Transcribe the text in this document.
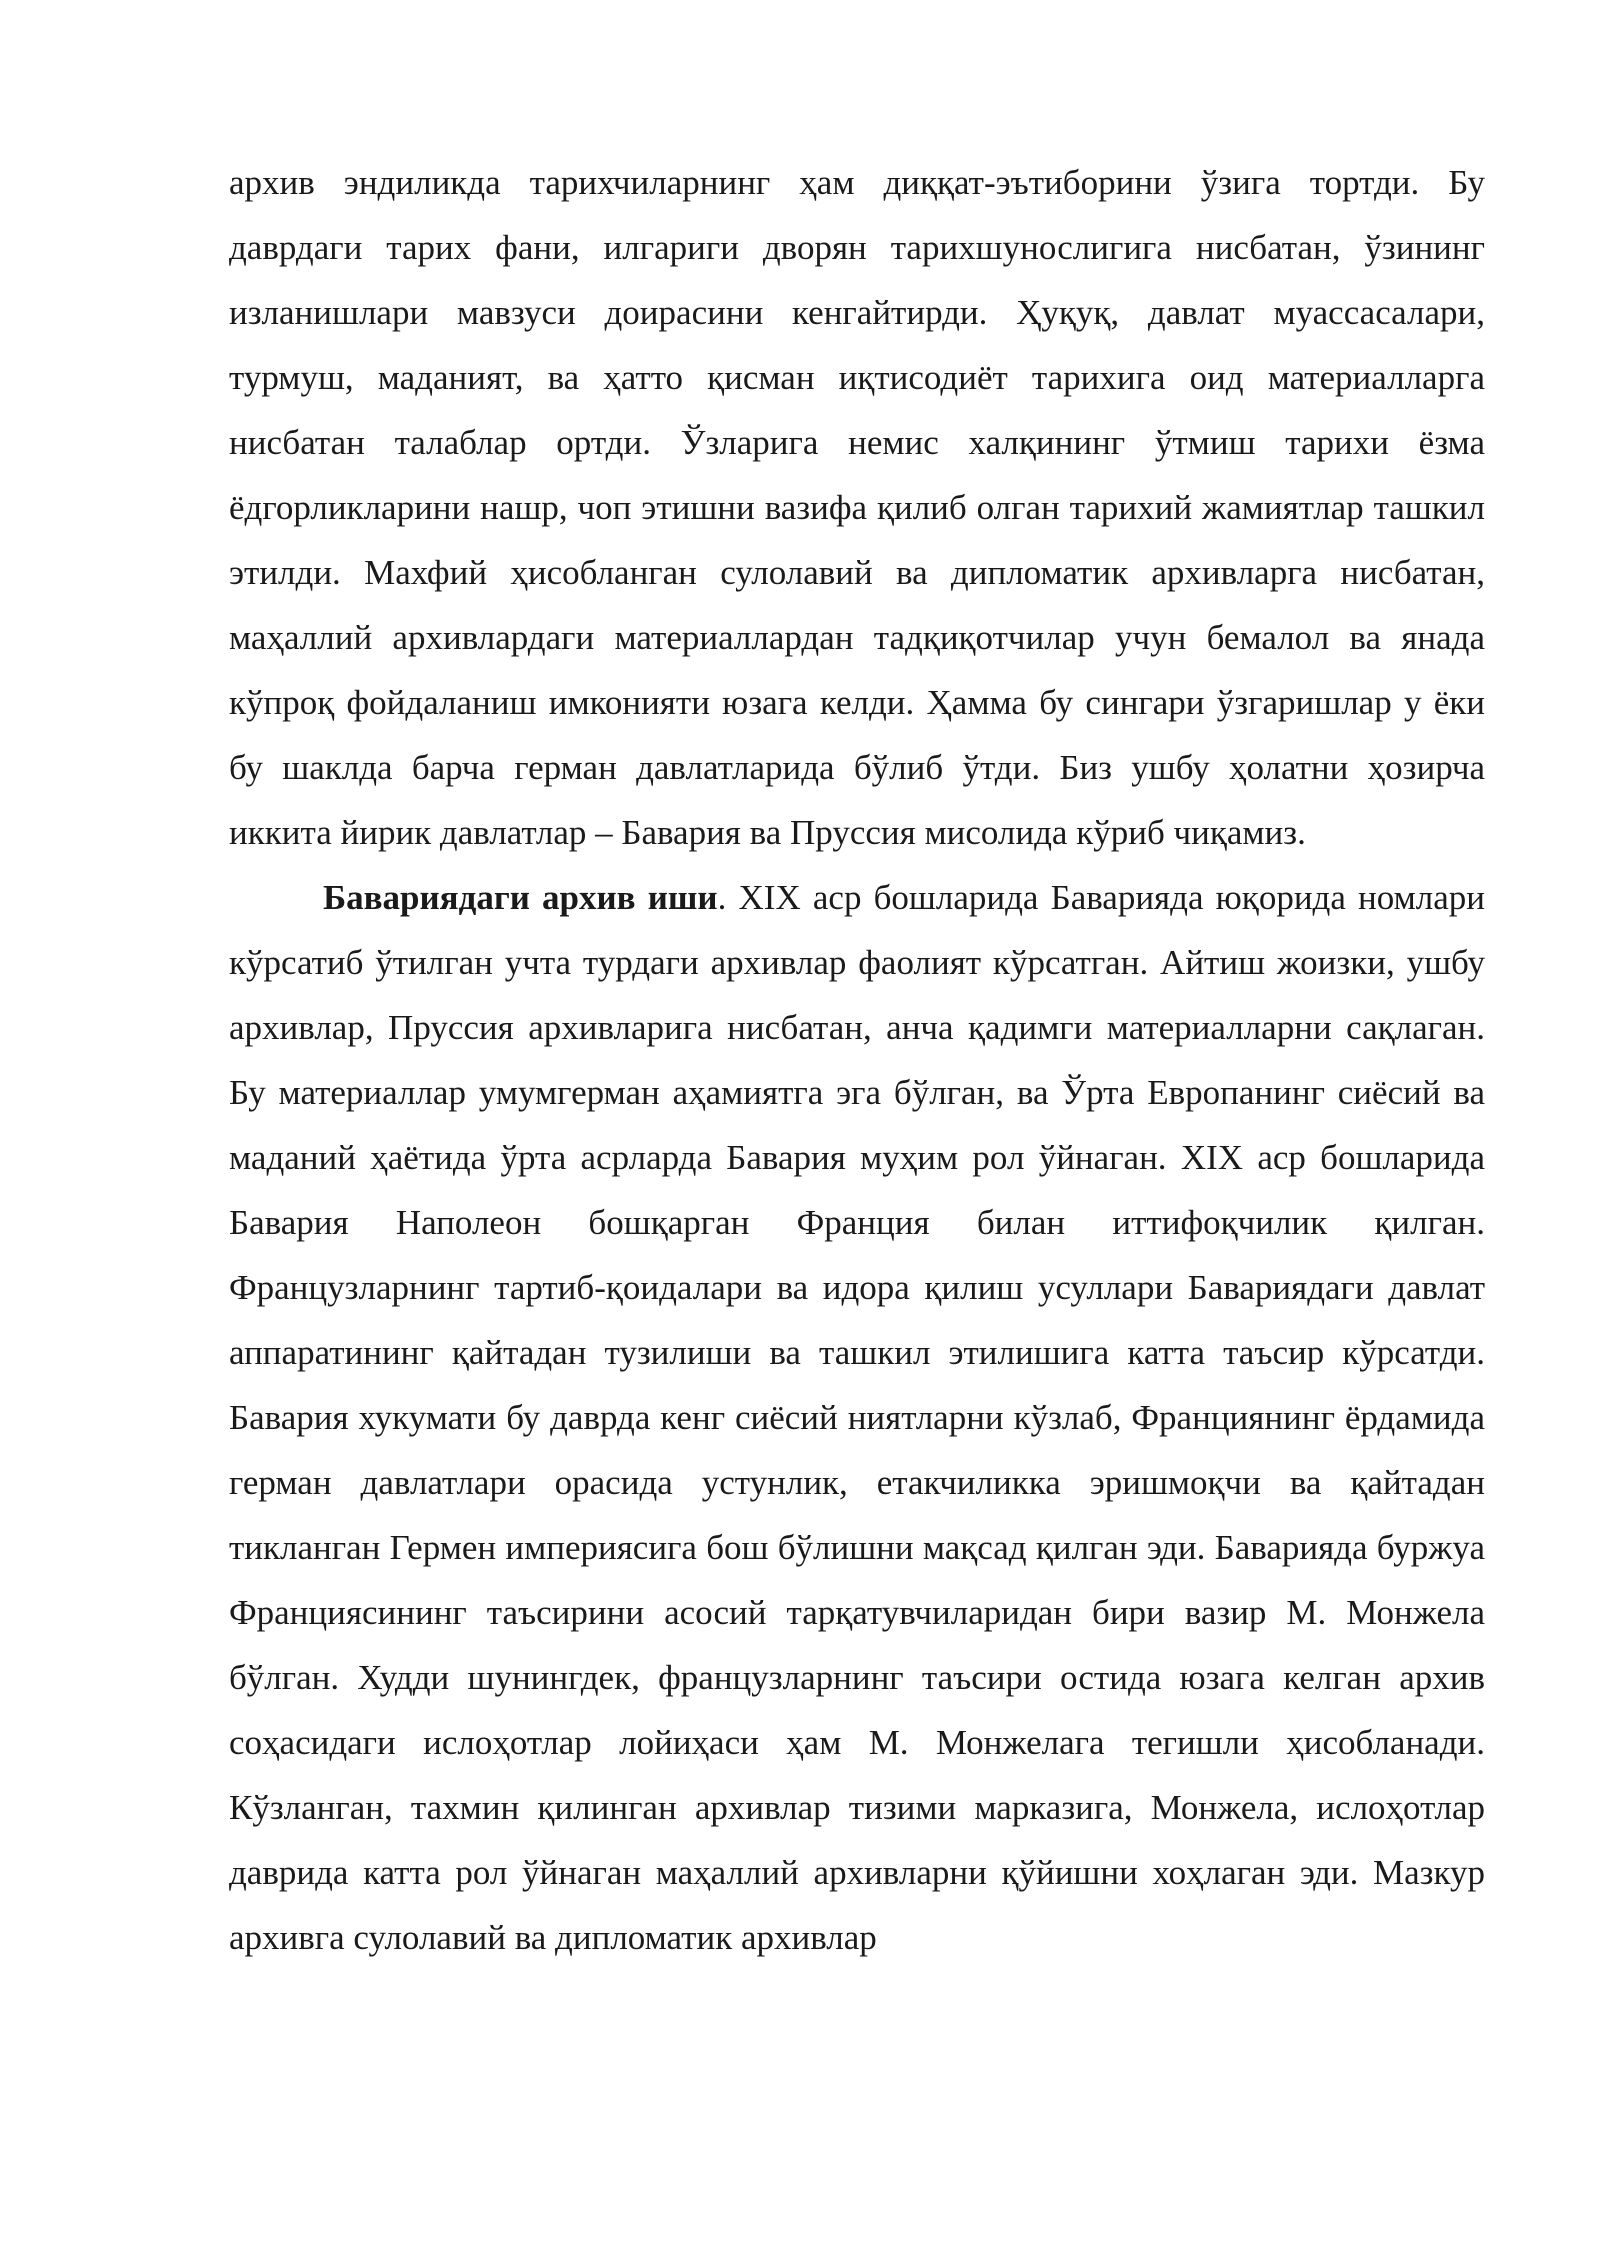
архив эндиликда тарихчиларнинг ҳам диққат-эътиборини ўзига тортди. Бу даврдаги тарих фани, илгариги дворян тарихшунослигига нисбатан, ўзининг изланишлари мавзуси доирасини кенгайтирди. Ҳуқуқ, давлат муассасалари, турмуш, маданият, ва ҳатто қисман иқтисодиёт тарихига оид материалларга нисбатан талаблар ортди. Ўзларига немис халқининг ўтмиш тарихи ёзма ёдгорликларини нашр, чоп этишни вазифа қилиб олган тарихий жамиятлар ташкил этилди. Махфий ҳисобланган сулолавий ва дипломатик архивларга нисбатан, маҳаллий архивлардаги материаллардан тадқиқотчилар учун бемалол ва янада кўпроқ фойдаланиш имконияти юзага келди. Ҳамма бу сингари ўзгаришлар у ёки бу шаклда барча герман давлатларида бўлиб ўтди. Биз ушбу ҳолатни ҳозирча иккита йирик давлатлар – Бавария ва Пруссия мисолида кўриб чиқамиз.

Бавариядаги архив иши. XIX аср бошларида Баварияда юқорида номлари кўрсатиб ўтилган учта турдаги архивлар фаолият кўрсатган. Айтиш жоизки, ушбу архивлар, Пруссия архивларига нисбатан, анча қадимги материалларни сақлаган. Бу материаллар умумгерман аҳамиятга эга бўлган, ва Ўрта Европанинг сиёсий ва маданий ҳаётида ўрта асрларда Бавария муҳим рол ўйнаган. XIX аср бошларида Бавария Наполеон бошқарган Франция билан иттифоқчилик қилган. Французларнинг тартиб-қоидалари ва идора қилиш усуллари Бавариядаги давлат аппаратининг қайтадан тузилиши ва ташкил этилишига катта таъсир кўрсатди. Бавария хукумати бу даврда кенг сиёсий ниятларни кўзлаб, Франциянинг ёрдамида герман давлатлари орасида устунлик, етакчиликка эришмоқчи ва қайтадан тикланган Гермен империясига бош бўлишни мақсад қилган эди. Баварияда буржуа Франциясининг таъсирини асосий тарқатувчиларидан бири вазир М. Монжела бўлган. Худди шунингдек, французларнинг таъсири остида юзага келган архив соҳасидаги ислоҳотлар лойиҳаси ҳам М. Монжелага тегишли ҳисобланади. Кўзланган, тахмин қилинган архивлар тизими марказига, Монжела, ислоҳотлар даврида катта рол ўйнаган маҳаллий архивларни қўйишни хоҳлаган эди. Мазкур архивга сулолавий ва дипломатик архивлар
